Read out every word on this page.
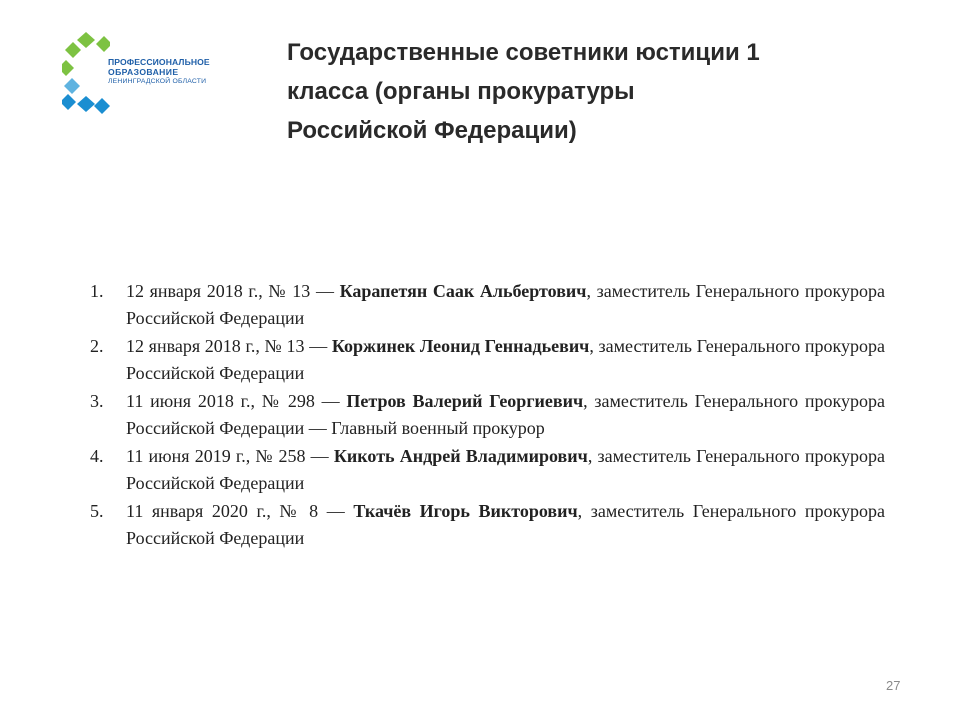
ПРОФЕССИОНАЛЬНОЕ
ОБРАЗОВАНИЕ
ЛЕНИНГРАДСКОЙ ОБЛАСТИ
Государственные советники юстиции 1
класса (органы прокуратуры
Российской Федерации)
1.	12 января 2018 г., № 13 — Карапетян Саак Альбертович, заместитель Генерального прокурора Российской Федерации
2.	12 января 2018 г., № 13 — Коржинек Леонид Геннадьевич, заместитель Генерального прокурора Российской Федерации
3.	11 июня 2018 г., № 298 — Петров Валерий Георгиевич, заместитель Генерального прокурора Российской Федерации — Главный военный прокурор
4.	11 июня 2019 г., № 258 — Кикоть Андрей Владимирович, заместитель Генерального прокурора Российской Федерации
5.	11 января 2020 г., № 8 — Ткачёв Игорь Викторович, заместитель Генерального прокурора Российской Федерации
27
